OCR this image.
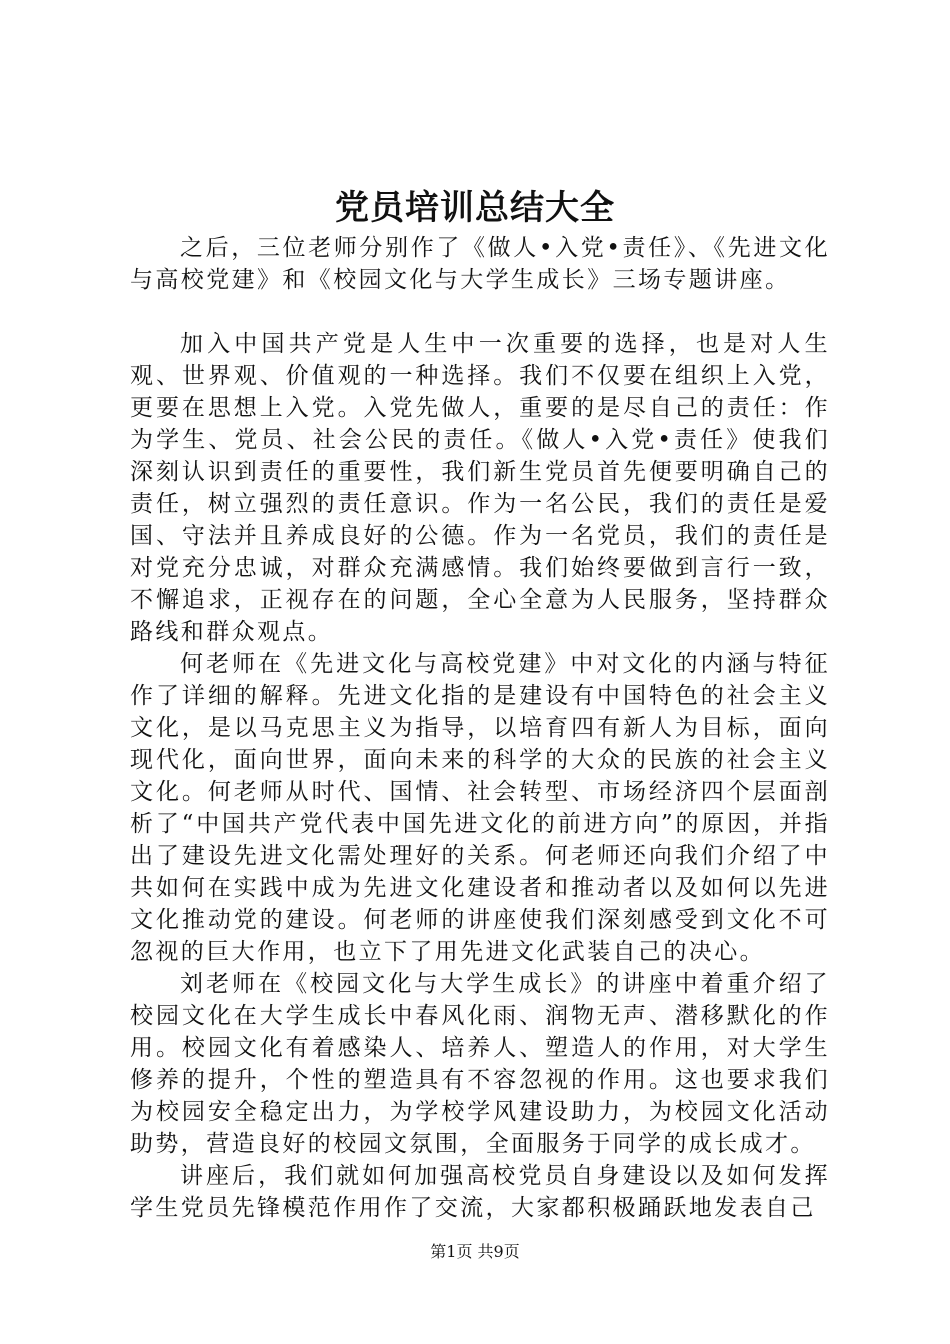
党员培训总结大全

之后，三位老师分别作了《做人•入党•责任》、《先进文化与高校党建》和《校园文化与大学生成长》三场专题讲座。

加入中国共产党是人生中一次重要的选择，也是对人生观、世界观、价值观的一种选择。我们不仅要在组织上入党，更要在思想上入党。入党先做人，重要的是尽自己的责任：作为学生、党员、社会公民的责任。《做人•入党•责任》使我们深刻认识到责任的重要性，我们新生党员首先便要明确自己的责任，树立强烈的责任意识。作为一名公民，我们的责任是爱国、守法并且养成良好的公德。作为一名党员，我们的责任是对党充分忠诚，对群众充满感情。我们始终要做到言行一致，不懈追求，正视存在的问题，全心全意为人民服务，坚持群众路线和群众观点。

何老师在《先进文化与高校党建》中对文化的内涵与特征作了详细的解释。先进文化指的是建设有中国特色的社会主义文化，是以马克思主义为指导，以培育四有新人为目标，面向现代化，面向世界，面向未来的科学的大众的民族的社会主义文化。何老师从时代、国情、社会转型、市场经济四个层面剖析了“中国共产党代表中国先进文化的前进方向”的原因，并指出了建设先进文化需处理好的关系。何老师还向我们介绍了中共如何在实践中成为先进文化建设者和推动者以及如何以先进文化推动党的建设。何老师的讲座使我们深刻感受到文化不可忽视的巨大作用，也立下了用先进文化武装自己的决心。

刘老师在《校园文化与大学生成长》的讲座中着重介绍了校园文化在大学生成长中春风化雨、润物无声、潜移默化的作用。校园文化有着感染人、培养人、塑造人的作用，对大学生修养的提升，个性的塑造具有不容忽视的作用。这也要求我们为校园安全稳定出力，为学校学风建设助力，为校园文化活动助势，营造良好的校园文氛围，全面服务于同学的成长成才。

讲座后，我们就如何加强高校党员自身建设以及如何发挥学生党员先锋模范作用作了交流，大家都积极踊跃地发表自己

第1页 共9页
